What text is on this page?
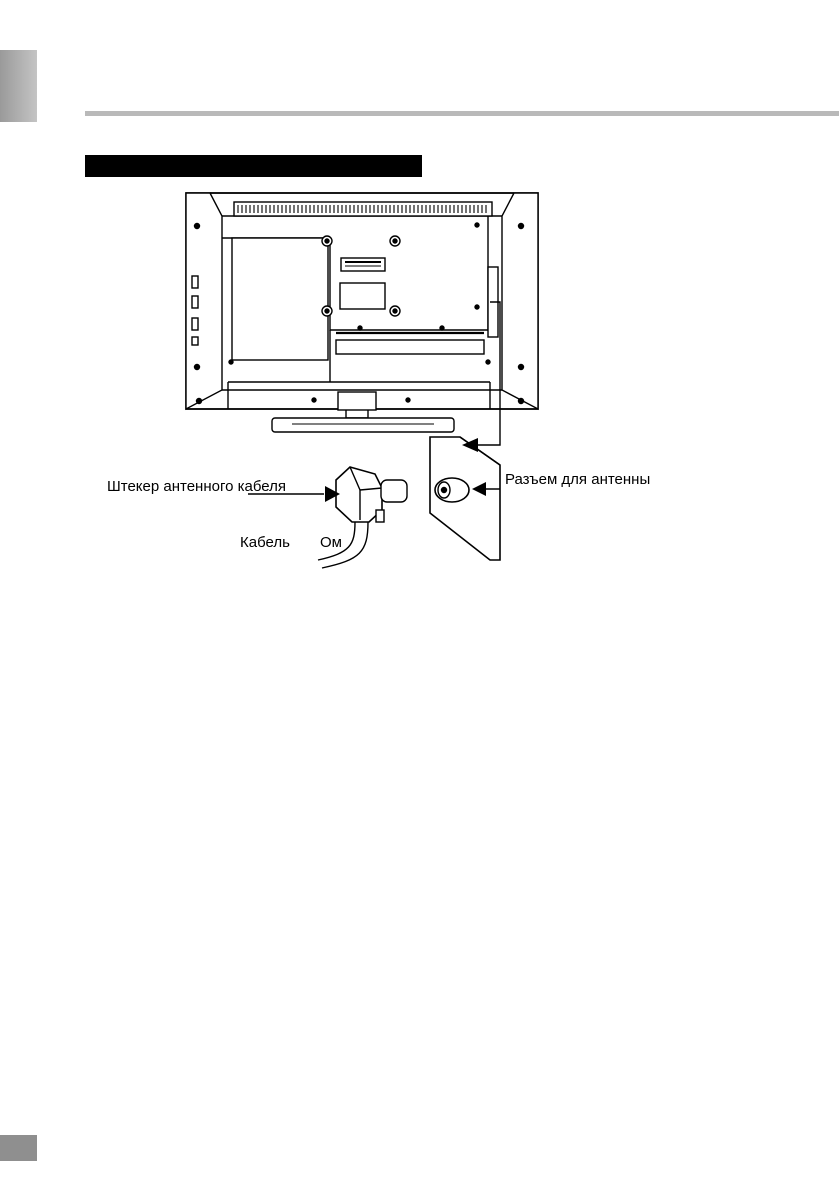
Штекер антенного кабеля
Кабель Ом
Разъем для антенны
